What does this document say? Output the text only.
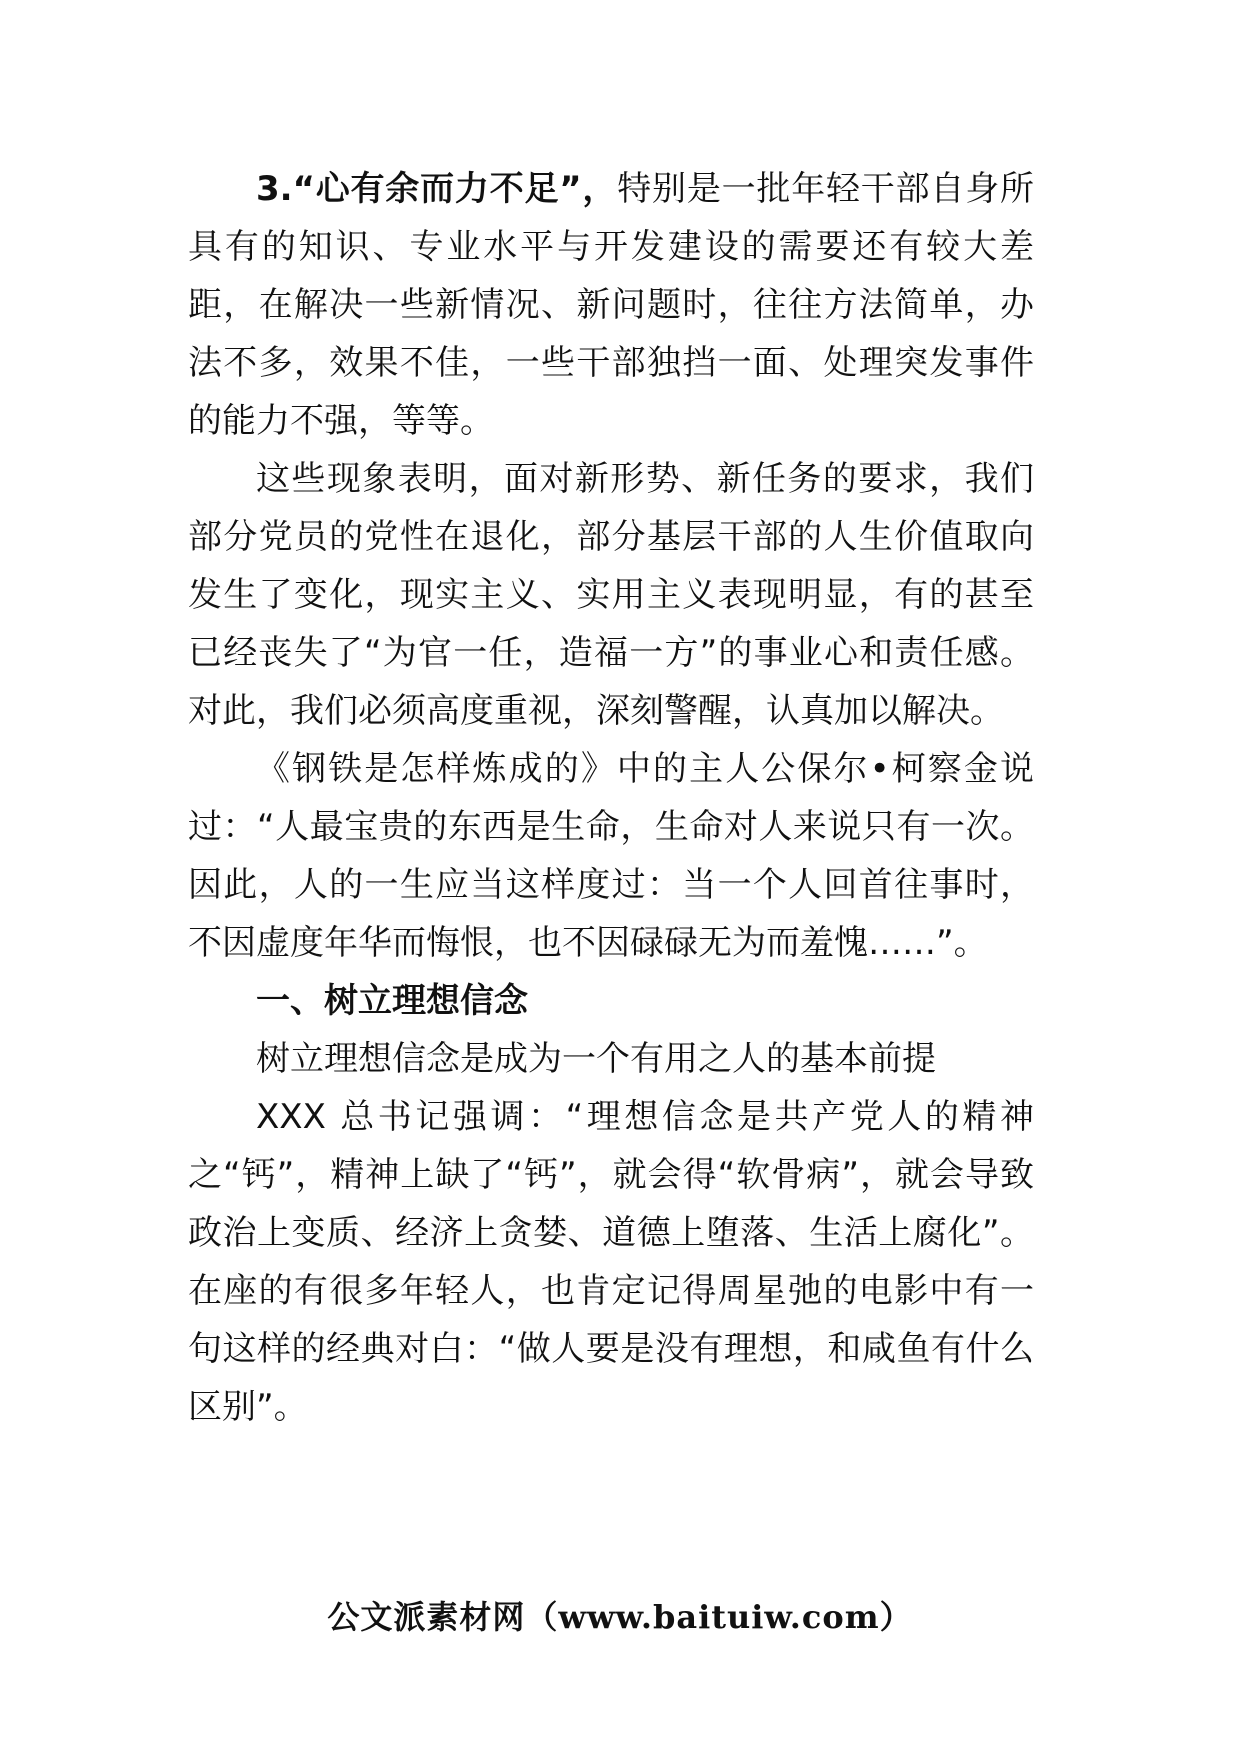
3.“心有余而力不足”，特别是一批年轻干部自身所具有的知识、专业水平与开发建设的需要还有较大差距，在解决一些新情况、新问题时，往往方法简单，办法不多，效果不佳，一些干部独挡一面、处理突发事件的能力不强，等等。

这些现象表明，面对新形势、新任务的要求，我们部分党员的党性在退化，部分基层干部的人生价值取向发生了变化，现实主义、实用主义表现明显，有的甚至已经丧失了“为官一任，造福一方”的事业心和责任感。对此，我们必须高度重视，深刻警醒，认真加以解决。

《钢铁是怎样炼成的》中的主人公保尔•柯察金说过：“人最宝贵的东西是生命，生命对人来说只有一次。因此，人的一生应当这样度过：当一个人回首往事时，不因虚度年华而悔恨，也不因碌碌无为而羞愧……”。

一、树立理想信念

树立理想信念是成为一个有用之人的基本前提

XXX 总书记强调：“理想信念是共产党人的精神之“钙”，精神上缺了“钙”，就会得“软骨病”，就会导致政治上变质、经济上贪婪、道德上堕落、生活上腐化”。在座的有很多年轻人，也肯定记得周星弛的电影中有一句这样的经典对白：“做人要是没有理想，和咸鱼有什么区别”。

公文派素材网（www.baituiw.com）
